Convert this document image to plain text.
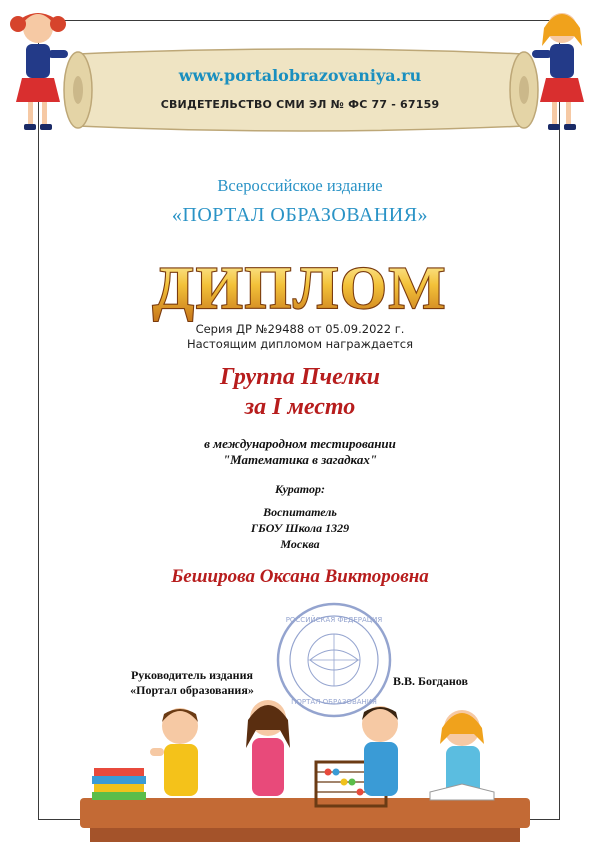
www.portalobrazovaniya.ru
СВИДЕТЕЛЬСТВО СМИ ЭЛ № ФС 77 - 67159
Всероссийское издание
«ПОРТАЛ ОБРАЗОВАНИЯ»
ДИПЛОМ
Серия ДР №29488 от 05.09.2022 г.
Настоящим дипломом награждается
Группа Пчелки
за I место
в международном тестировании
"Математика в загадках"
Куратор:
Воспитатель
ГБОУ Школа 1329
Москва
Беширова Оксана Викторовна
РОССИЙСКАЯ ФЕДЕРАЦИЯ
ПОРТАЛ ОБРАЗОВАНИЯ
Руководитель издания
«Портал образования»
В.В. Богданов
